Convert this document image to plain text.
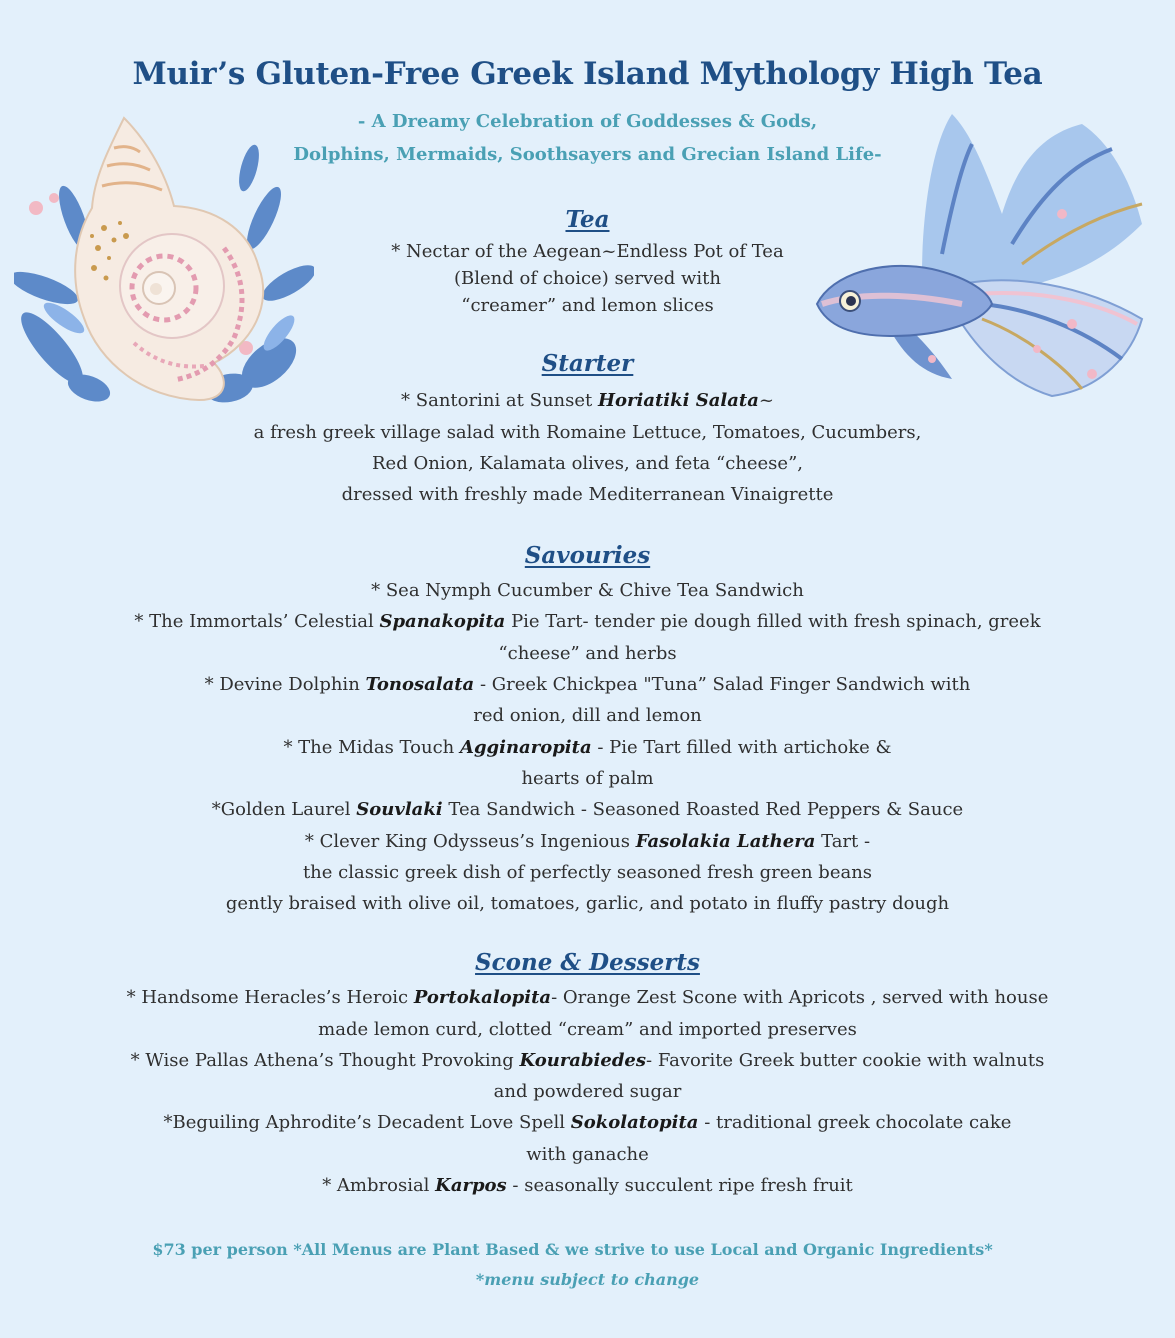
Muir’s Gluten-Free Greek Island Mythology High Tea
- A Dreamy Celebration of Goddesses & Gods,
Dolphins, Mermaids, Soothsayers and Grecian Island Life-
Tea
* Nectar of the Aegean~Endless Pot of Tea
(Blend of choice) served with
“creamer” and lemon slices
Starter
* Santorini at Sunset Horiatiki Salata~
a fresh greek village salad with Romaine Lettuce, Tomatoes, Cucumbers,
Red Onion, Kalamata olives, and feta “cheese”,
dressed with freshly made Mediterranean Vinaigrette
Savouries
* Sea Nymph Cucumber & Chive Tea Sandwich
* The Immortals’ Celestial Spanakopita Pie Tart- tender pie dough filled with fresh spinach, greek
“cheese” and herbs
* Devine Dolphin Tonosalata - Greek Chickpea "Tuna” Salad Finger Sandwich with
red onion, dill and lemon
* The Midas Touch Agginaropita - Pie Tart filled with artichoke &
hearts of palm
*Golden Laurel Souvlaki Tea Sandwich - Seasoned Roasted Red Peppers & Sauce
* Clever King Odysseus’s Ingenious Fasolakia Lathera Tart -
the classic greek dish of perfectly seasoned fresh green beans
gently braised with olive oil, tomatoes, garlic, and potato in fluffy pastry dough
Scone & Desserts
* Handsome Heracles’s Heroic Portokalopita- Orange Zest Scone with Apricots , served with house
made lemon curd, clotted “cream” and imported preserves
* Wise Pallas Athena’s Thought Provoking Kourabiedes- Favorite Greek butter cookie with walnuts
and powdered sugar
*Beguiling Aphrodite’s Decadent Love Spell Sokolatopita - traditional greek chocolate cake
with ganache
* Ambrosial Karpos - seasonally succulent ripe fresh fruit
$73 per person *All Menus are Plant Based & we strive to use Local and Organic Ingredients*
*menu subject to change
